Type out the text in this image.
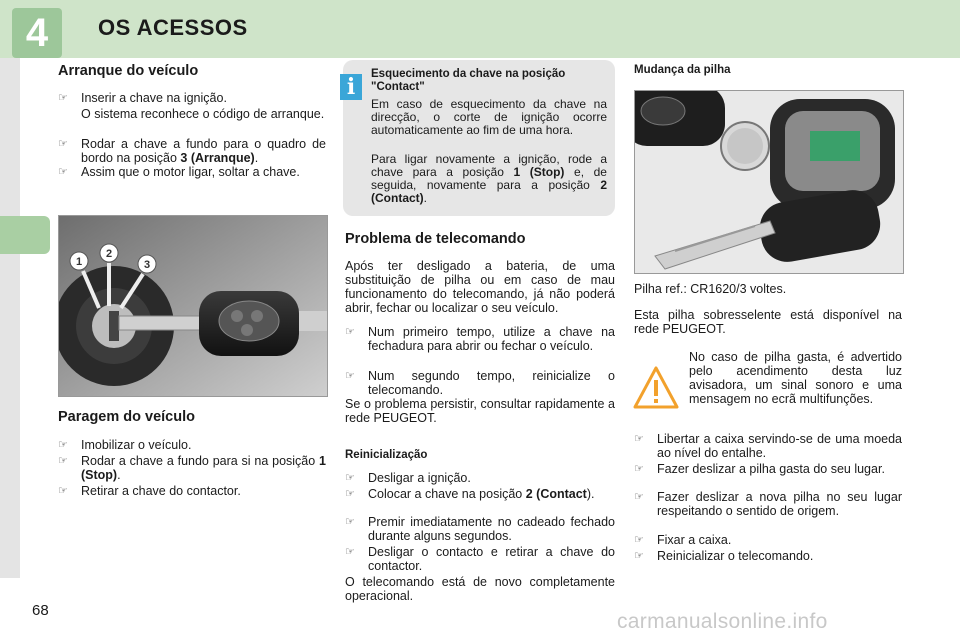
4	OS ACESSOS
Arranque do veículo
☞ Inserir a chave na ignição.
O sistema reconhece o código de arranque.
☞ Rodar a chave a fundo para o quadro de bordo na posição 3 (Arranque).
☞ Assim que o motor ligar, soltar a chave.
1
2
3
Paragem do veículo
☞ Imobilizar o veículo.
☞ Rodar a chave a fundo para si na posição 1 (Stop).
☞ Retirar a chave do contactor.
i	Esquecimento da chave na posição "Contact"
Em caso de esquecimento da chave na direcção, o corte de ignição ocorre automaticamente ao fim de uma hora.
Para ligar novamente a ignição, rode a chave para a posição 1 (Stop) e, de seguida, novamente para a posição 2 (Contact).
Problema de telecomando
Após ter desligado a bateria, de uma substituição de pilha ou em caso de mau funcionamento do telecomando, já não poderá abrir, fechar ou localizar o seu veículo.
☞ Num primeiro tempo, utilize a chave na fechadura para abrir ou fechar o veículo.
☞ Num segundo tempo, reinicialize o telecomando.
Se o problema persistir, consultar rapidamente a rede PEUGEOT.
Reinicialização
☞ Desligar a ignição.
☞ Colocar a chave na posição 2 (Contact).
☞ Premir imediatamente no cadeado fechado durante alguns segundos.
☞ Desligar o contacto e retirar a chave do contactor.
O telecomando está de novo completamente operacional.
Mudança da pilha
Pilha ref.: CR1620/3 voltes.
Esta pilha sobresselente está disponível na rede PEUGEOT.
No caso de pilha gasta, é advertido pelo acendimento desta luz avisadora, um sinal sonoro e uma mensagem no ecrã multifunções.
☞ Libertar a caixa servindo-se de uma moeda ao nível do entalhe.
☞ Fazer deslizar a pilha gasta do seu lugar.
☞ Fazer deslizar a nova pilha no seu lugar respeitando o sentido de origem.
☞ Fixar a caixa.
☞ Reinicializar o telecomando.
68	carmanualsonline.info
